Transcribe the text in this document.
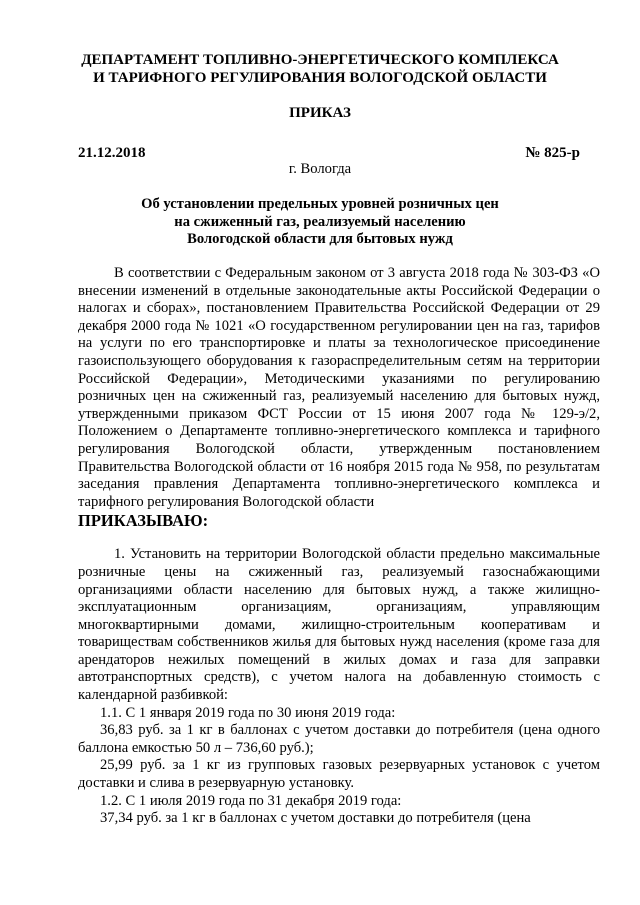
ДЕПАРТАМЕНТ ТОПЛИВНО-ЭНЕРГЕТИЧЕСКОГО КОМПЛЕКСА
И ТАРИФНОГО РЕГУЛИРОВАНИЯ ВОЛОГОДСКОЙ ОБЛАСТИ
ПРИКАЗ
21.12.2018	№ 825-р
г. Вологда
Об установлении предельных уровней розничных цен
на сжиженный газ, реализуемый населению
Вологодской области для бытовых нужд

В соответствии с Федеральным законом от 3 августа 2018 года № 303-ФЗ «О внесении изменений в отдельные законодательные акты Российской Федерации о налогах и сборах», постановлением Правительства Российской Федерации от 29 декабря 2000 года № 1021 «О государственном регулировании цен на газ, тарифов на услуги по его транспортировке и платы за технологическое присоединение газоиспользующего оборудования к газораспределительным сетям на территории Российской Федерации», Методическими указаниями по регулированию розничных цен на сжиженный газ, реализуемый населению для бытовых нужд, утвержденными приказом ФСТ России от 15 июня 2007 года № 129-э/2, Положением о Департаменте топливно-энергетического комплекса и тарифного регулирования Вологодской области, утвержденным постановлением Правительства Вологодской области от 16 ноября 2015 года № 958, по результатам заседания правления Департамента топливно-энергетического комплекса и тарифного регулирования Вологодской области

ПРИКАЗЫВАЮ:

1. Установить на территории Вологодской области предельно максимальные розничные цены на сжиженный газ, реализуемый газоснабжающими организациями области населению для бытовых нужд, а также жилищно-эксплуатационным организациям, организациям, управляющим многоквартирными домами, жилищно-строительным кооперативам и товариществам собственников жилья для бытовых нужд населения (кроме газа для арендаторов нежилых помещений в жилых домах и газа для заправки автотранспортных средств), с учетом налога на добавленную стоимость с календарной разбивкой:

1.1. С 1 января 2019 года по 30 июня 2019 года:

36,83 руб. за 1 кг в баллонах с учетом доставки до потребителя (цена одного баллона емкостью 50 л – 736,60 руб.);

25,99 руб. за 1 кг из групповых газовых резервуарных установок с учетом доставки и слива в резервуарную установку.

1.2. С 1 июля 2019 года по 31 декабря 2019 года:

37,34 руб. за 1 кг в баллонах с учетом доставки до потребителя (цена
